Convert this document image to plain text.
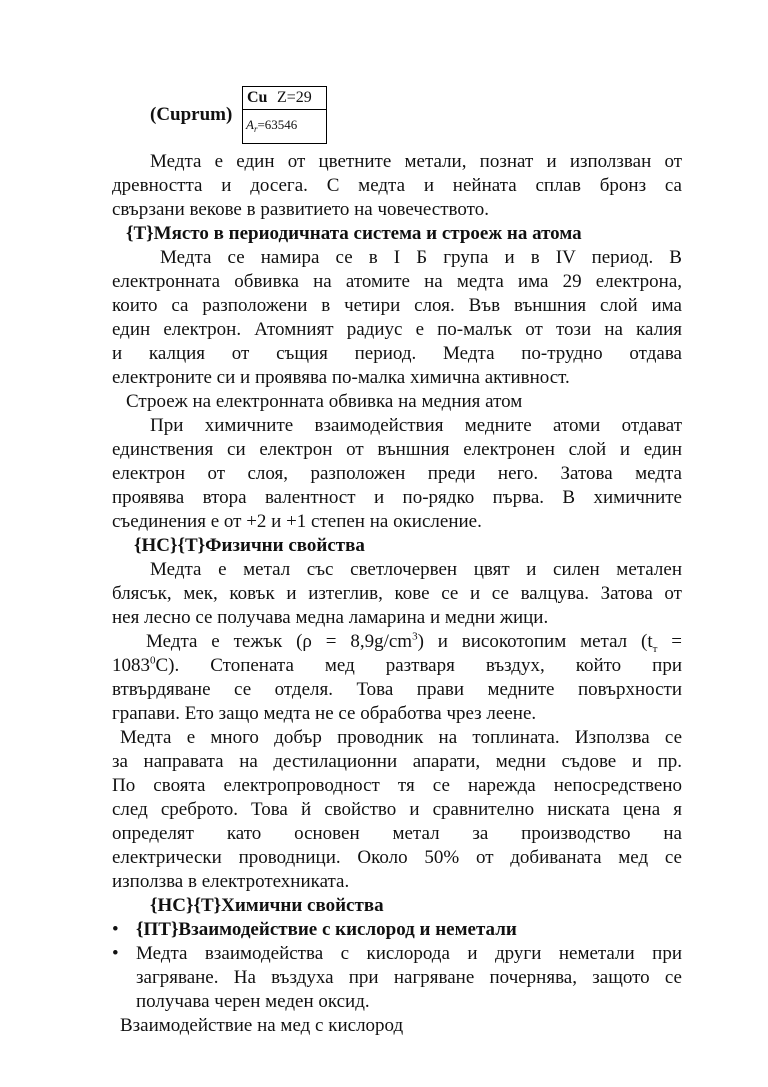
(Cuprum)
Cu Z=29
$A_r=63546$
Медта е един от цветните метали, познат и използван от
древността и досега. С медта и нейната сплав бронз са
свързани векове в развитието на човечеството.
{Т}Място в периодичната система и строеж на атома
Медта се намира се в І Б група и в ІV период. В
електронната обвивка на атомите на медта има 29 електрона,
които са разположени в четири слоя. Във външния слой има
един електрон. Атомният радиус е по-малък от този на калия
и калция от същия период. Медта по-трудно отдава
електроните си и проявява по-малка химична активност.
Строеж на електронната обвивка на медния атом
При химичните взаимодействия медните атоми отдават
единствения си електрон от външния електронен слой и един
електрон от слоя, разположен преди него. Затова медта
проявява втора валентност и по-рядко първа. В химичните
съединения е от +2 и +1 степен на окисление.
{НС}{Т}Физични свойства
Медта е метал със светлочервен цвят и силен метален
блясък, мек, ковък и изтеглив, кове се и се валцува. Затова от
нея лесно се получава медна ламарина и медни жици.
Медта е тежък $(\rho = 8,9g/cm^3)$ и високотопим метал ($t_т$ =
$1083^0С$). Стопената мед разтваря въздух, който при
втвърдяване се отделя. Това прави медните повърхности
грапави. Ето защо медта не се обработва чрез леене.
Медта е много добър проводник на топлината. Използва се
за направата на дестилационни апарати, медни съдове и пр.
По своята електропроводност тя се нарежда непосредствено
след среброто. Това й свойство и сравнително ниската цена я
определят като основен метал за производство на
електрически проводници. Около 50% от добиваната мед се
използва в електротехниката.
{НС}{Т}Химични свойства
• {ПТ}Взаимодействие с кислород и неметали
• Медта взаимодейства с кислорода и други неметали при
загряване. На въздуха при нагряване почернява, защото се
получава черен меден оксид.
Взаимодействие на мед с кислород
